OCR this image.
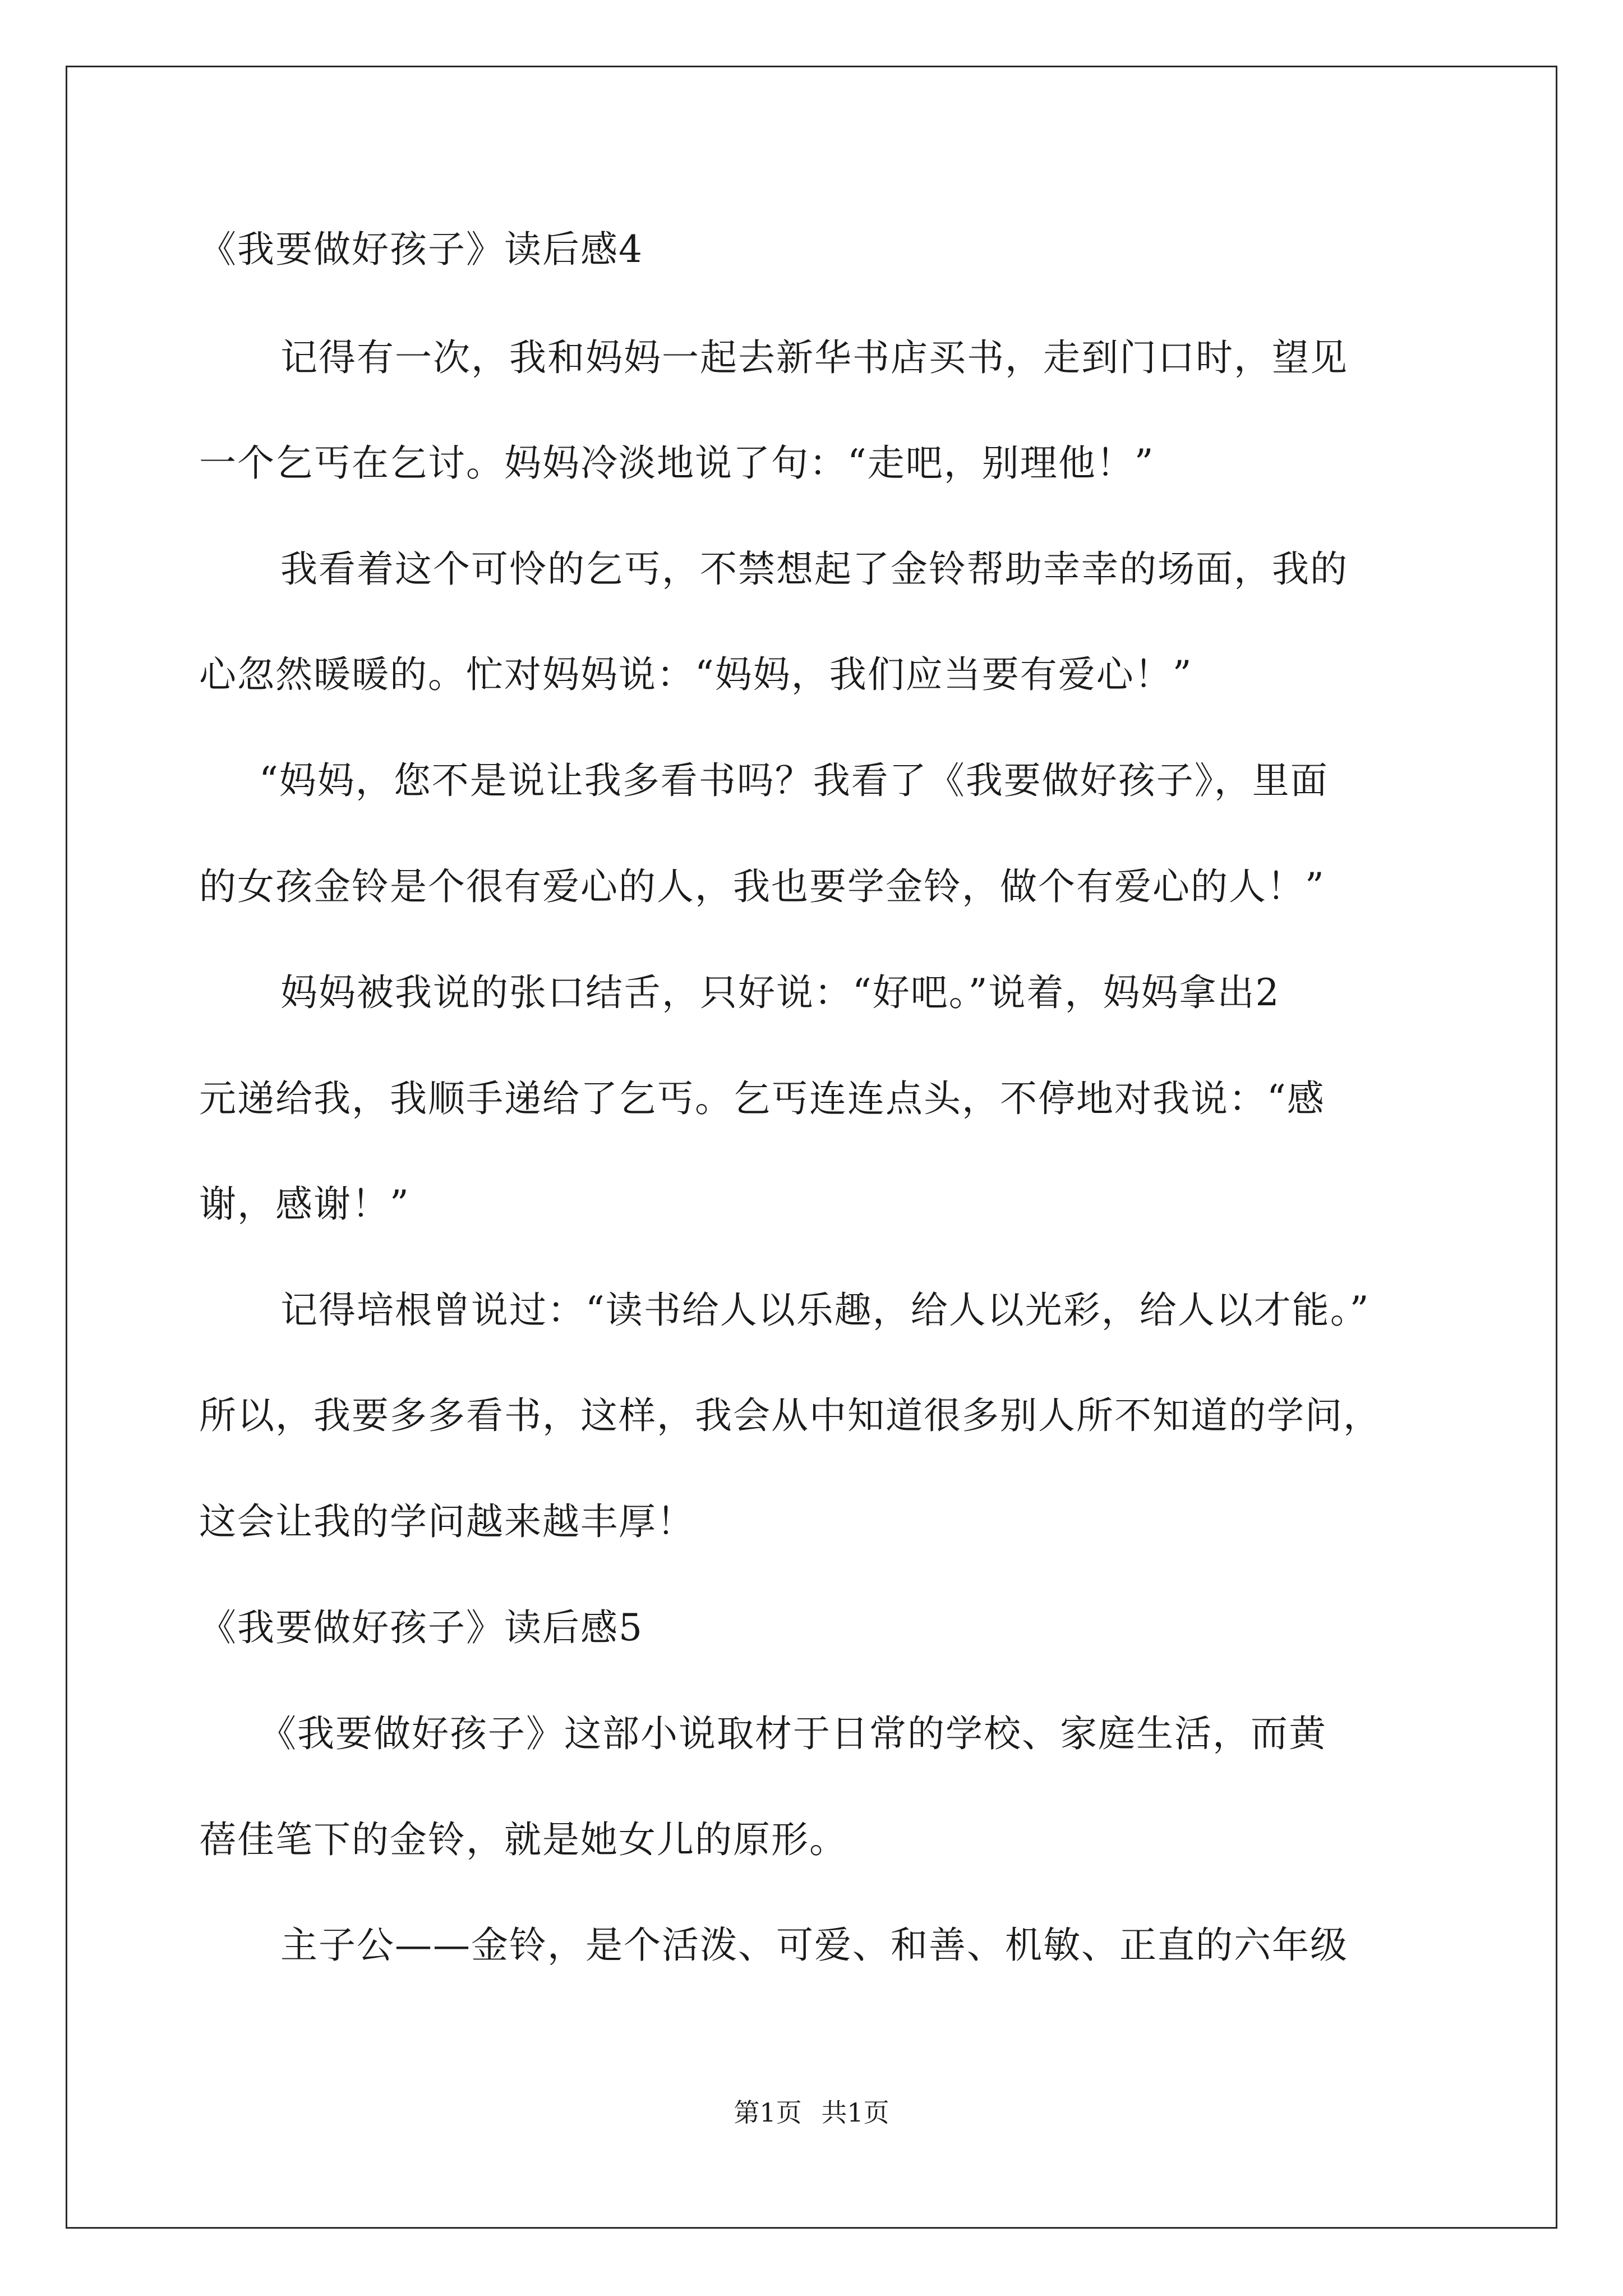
《我要做好孩子》读后感4
记得有一次，我和妈妈一起去新华书店买书，走到门口时，望见
一个乞丐在乞讨。妈妈冷淡地说了句：“走吧，别理他！”
我看着这个可怜的乞丐，不禁想起了金铃帮助幸幸的场面，我的
心忽然暖暖的。忙对妈妈说：“妈妈，我们应当要有爱心！”
“妈妈，您不是说让我多看书吗？我看了《我要做好孩子》，里面
的女孩金铃是个很有爱心的人，我也要学金铃，做个有爱心的人！”
妈妈被我说的张口结舌，只好说：“好吧。”说着，妈妈拿出2
元递给我，我顺手递给了乞丐。乞丐连连点头，不停地对我说：“感
谢，感谢！”
记得培根曾说过：“读书给人以乐趣，给人以光彩，给人以才能。”
所以，我要多多看书，这样，我会从中知道很多别人所不知道的学问，
这会让我的学问越来越丰厚！
《我要做好孩子》读后感5
《我要做好孩子》这部小说取材于日常的学校、家庭生活，而黄
蓓佳笔下的金铃，就是她女儿的原形。
主子公——金铃，是个活泼、可爱、和善、机敏、正直的六年级
第1页 共1页
